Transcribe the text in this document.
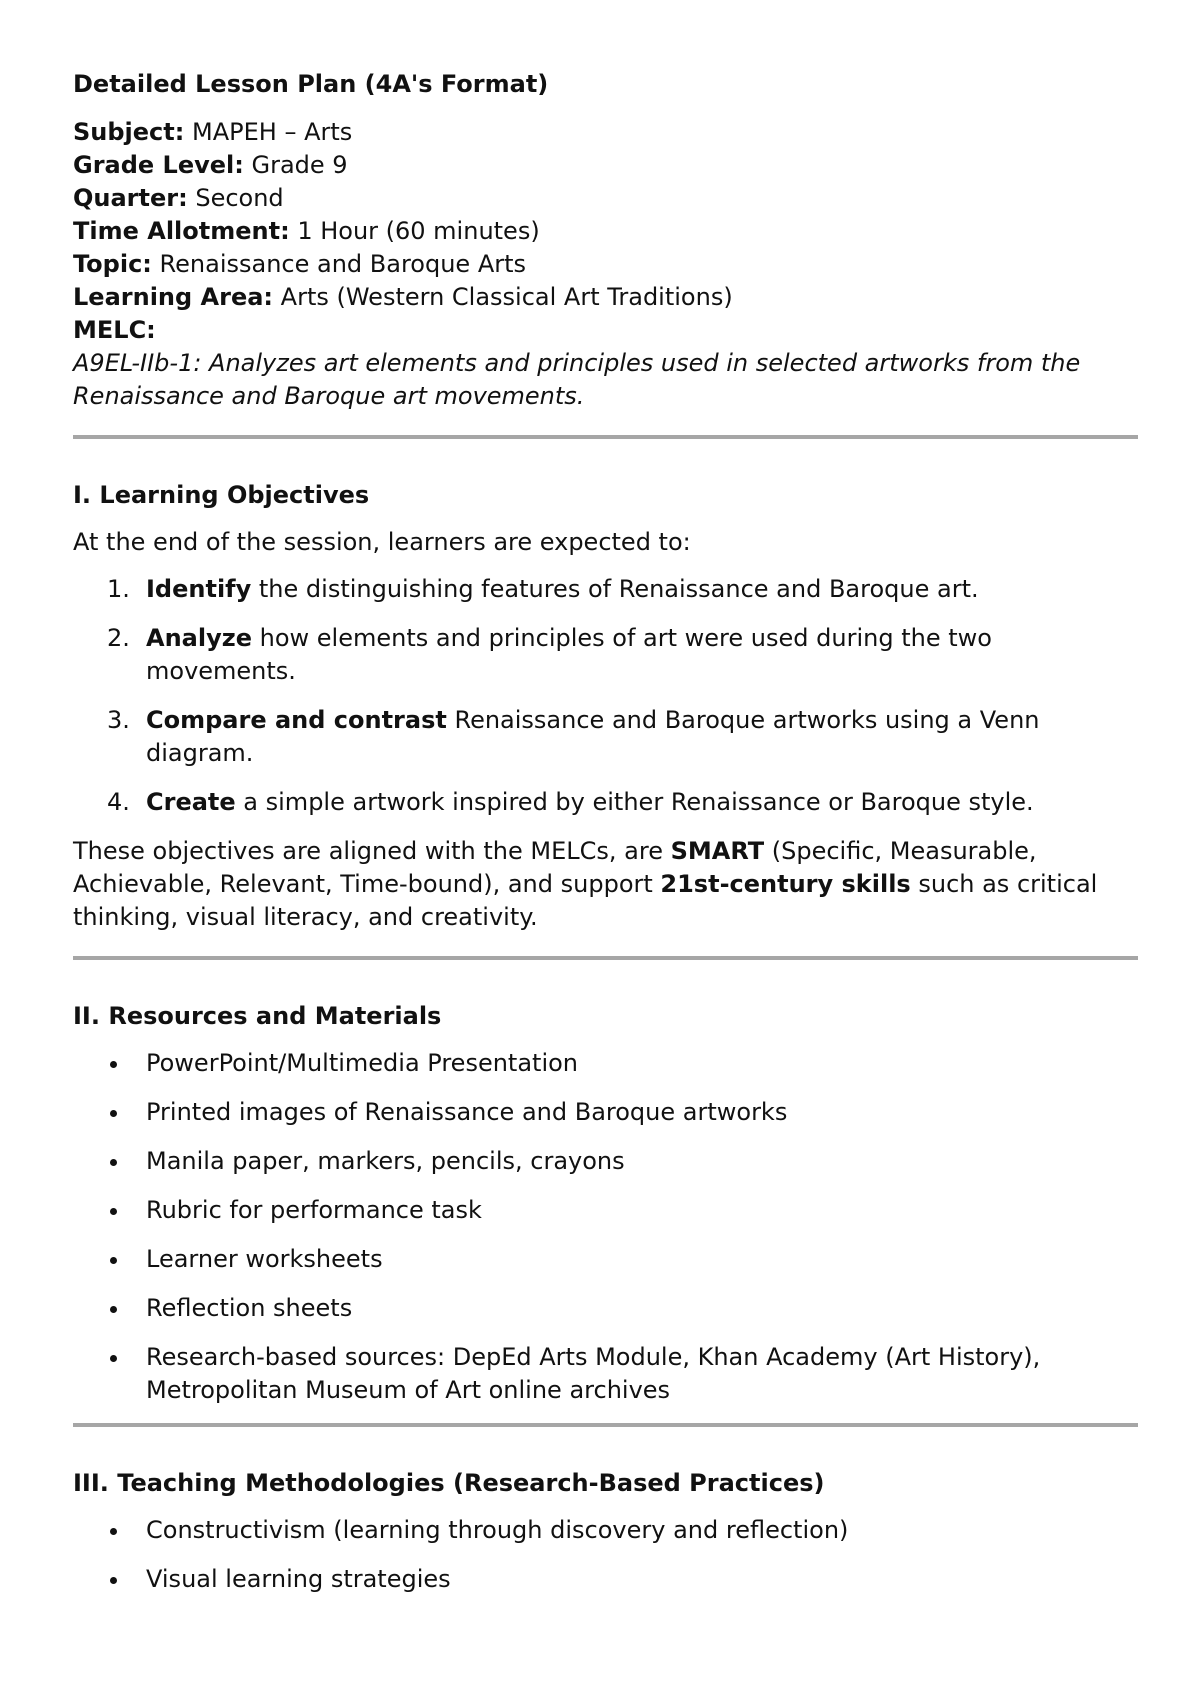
Detailed Lesson Plan (4A's Format)
Subject: MAPEH – Arts
Grade Level: Grade 9
Quarter: Second
Time Allotment: 1 Hour (60 minutes)
Topic: Renaissance and Baroque Arts
Learning Area: Arts (Western Classical Art Traditions)
MELC:
A9EL-IIb-1: Analyzes art elements and principles used in selected artworks from the Renaissance and Baroque art movements.
I. Learning Objectives
At the end of the session, learners are expected to:
1. Identify the distinguishing features of Renaissance and Baroque art.
2. Analyze how elements and principles of art were used during the two movements.
3. Compare and contrast Renaissance and Baroque artworks using a Venn diagram.
4. Create a simple artwork inspired by either Renaissance or Baroque style.
These objectives are aligned with the MELCs, are SMART (Specific, Measurable, Achievable, Relevant, Time-bound), and support 21st-century skills such as critical thinking, visual literacy, and creativity.
II. Resources and Materials
PowerPoint/Multimedia Presentation
Printed images of Renaissance and Baroque artworks
Manila paper, markers, pencils, crayons
Rubric for performance task
Learner worksheets
Reflection sheets
Research-based sources: DepEd Arts Module, Khan Academy (Art History), Metropolitan Museum of Art online archives
III. Teaching Methodologies (Research-Based Practices)
Constructivism (learning through discovery and reflection)
Visual learning strategies
